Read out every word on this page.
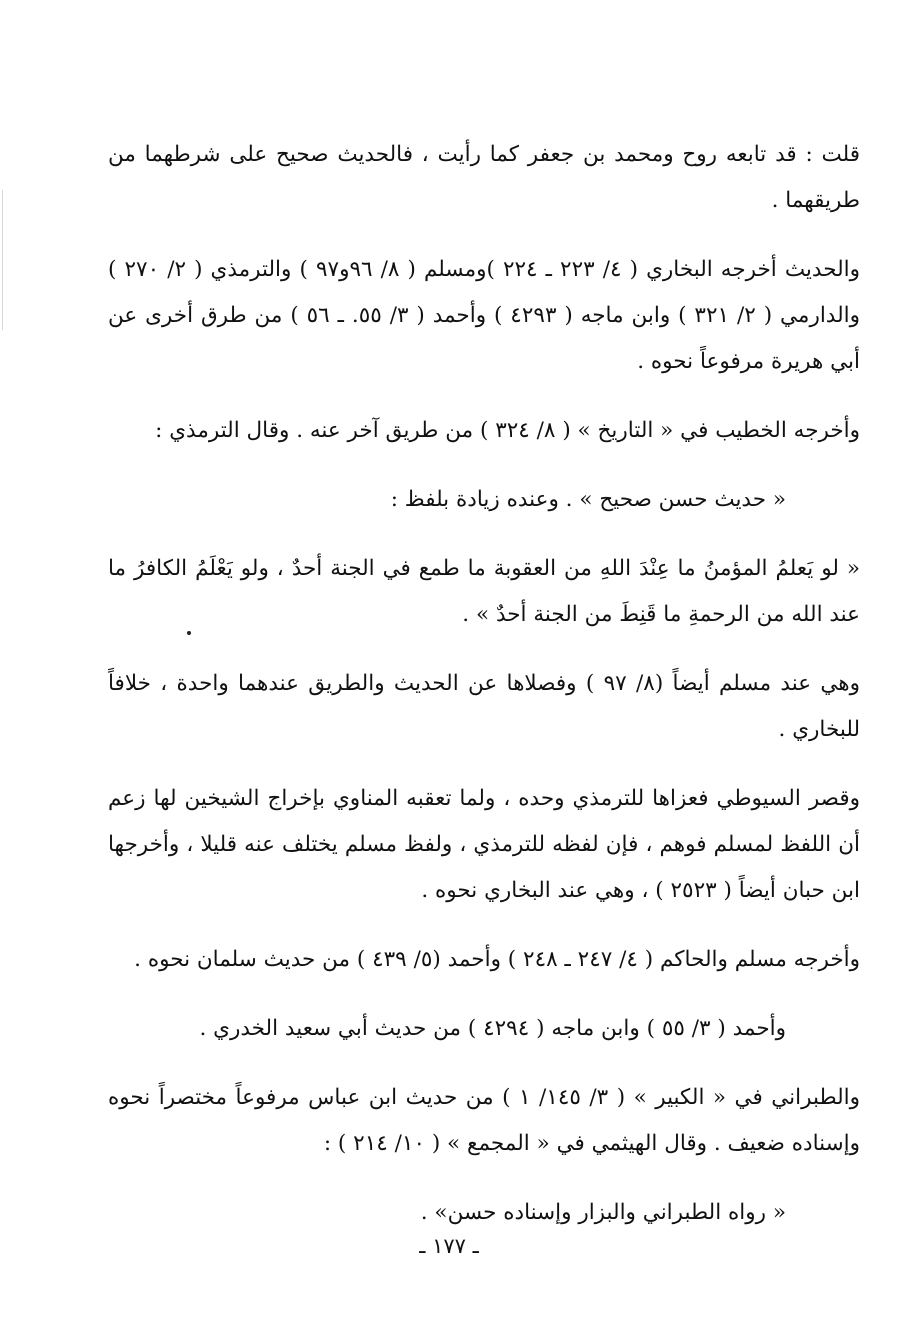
قلت : قد تابعه روح ومحمد بن جعفر كما رأيت ، فالحديث صحيح على شرطهما من طريقهما .

والحديث أخرجه البخاري ( ٤/ ٢٢٣ ـ ٢٢٤ )ومسلم ( ٨/ ٩٦و٩٧ ) والترمذي ( ٢/ ٢٧٠ ) والدارمي ( ٢/ ٣٢١ ) وابن ماجه ( ٤٢٩٣ ) وأحمد ( ٣/ ٥٥. ـ ٥٦ ) من طرق أخرى عن أبي هريرة مرفوعاً نحوه .

وأخرجه الخطيب في « التاريخ » ( ٨/ ٣٢٤ ) من طريق آخر عنه . وقال الترمذي :

« حديث حسن صحيح » . وعنده زيادة بلفظ :

« لو يَعلمُ المؤمنُ ما عِنْدَ اللهِ من العقوبة ما طمع في الجنة أحدٌ ، ولو يَعْلَمُ الكافرُ ما عند الله من الرحمةِ ما قَنِطَ من الجنة أحدٌ » .

وهي عند مسلم أيضاً (٨/ ٩٧ ) وفصلاها عن الحديث والطريق عندهما واحدة ، خلافاً للبخاري .

وقصر السيوطي فعزاها للترمذي وحده ، ولما تعقبه المناوي بإخراج الشيخين لها زعم أن اللفظ لمسلم فوهم ، فإن لفظه للترمذي ، ولفظ مسلم يختلف عنه قليلا ، وأخرجها ابن حبان أيضاً ( ٢٥٢٣ ) ، وهي عند البخاري نحوه .

وأخرجه مسلم والحاكم ( ٤/ ٢٤٧ ـ ٢٤٨ ) وأحمد (٥/ ٤٣٩ ) من حديث سلمان نحوه .

وأحمد ( ٣/ ٥٥ ) وابن ماجه ( ٤٢٩٤ ) من حديث أبي سعيد الخدري .

والطبراني في « الكبير » ( ٣/ ١٤٥/ ١ ) من حديث ابن عباس مرفوعاً مختصراً نحوه وإسناده ضعيف . وقال الهيثمي في « المجمع » ( ١٠/ ٢١٤ ) :

« رواه الطبراني والبزار وإسناده حسن» .

ـ ١٧٧ ـ
